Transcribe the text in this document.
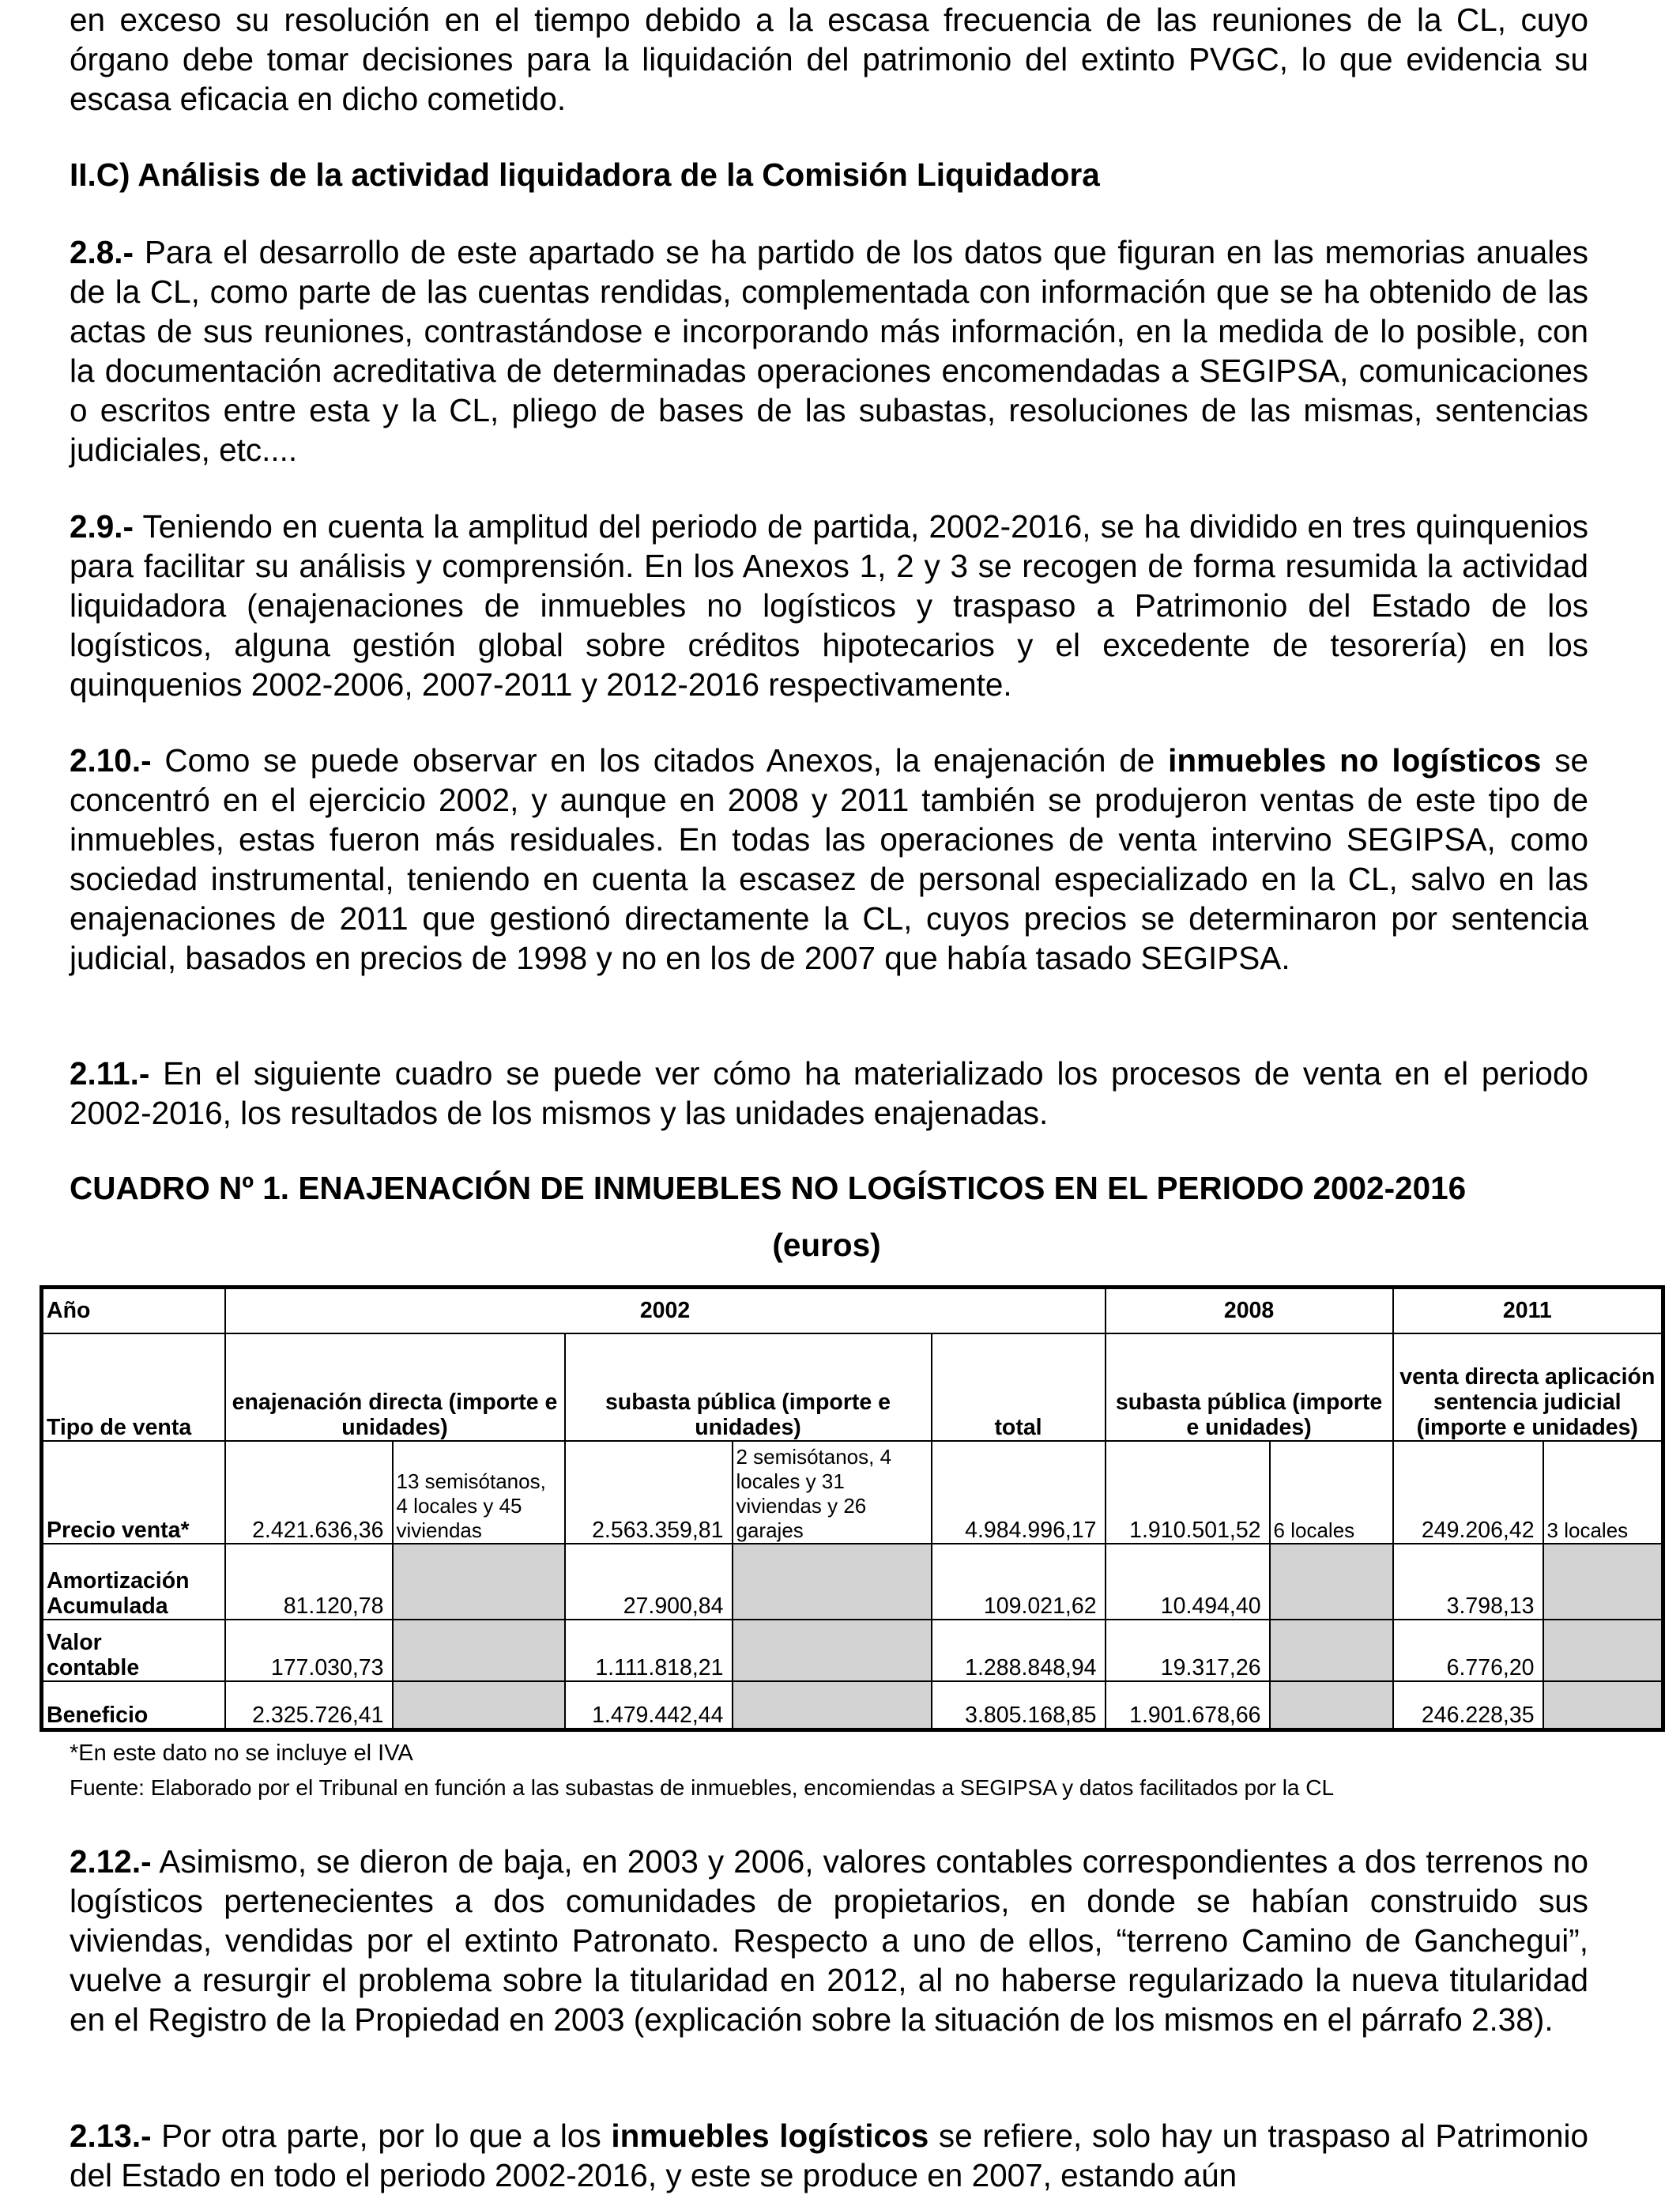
en exceso su resolución en el tiempo debido a la escasa frecuencia de las reuniones de la CL, cuyo órgano debe tomar decisiones para la liquidación del patrimonio del extinto PVGC, lo que evidencia su escasa eficacia en dicho cometido.

II.C) Análisis de la actividad liquidadora de la Comisión Liquidadora

2.8.- Para el desarrollo de este apartado se ha partido de los datos que figuran en las memorias anuales de la CL, como parte de las cuentas rendidas, complementada con información que se ha obtenido de las actas de sus reuniones, contrastándose e incorporando más información, en la medida de lo posible, con la documentación acreditativa de determinadas operaciones encomendadas a SEGIPSA, comunicaciones o escritos entre esta y la CL, pliego de bases de las subastas, resoluciones de las mismas, sentencias judiciales, etc....

2.9.- Teniendo en cuenta la amplitud del periodo de partida, 2002-2016, se ha dividido en tres quinquenios para facilitar su análisis y comprensión. En los Anexos 1, 2 y 3 se recogen de forma resumida la actividad liquidadora (enajenaciones de inmuebles no logísticos y traspaso a Patrimonio del Estado de los logísticos, alguna gestión global sobre créditos hipotecarios y el excedente de tesorería) en los quinquenios 2002-2006, 2007-2011 y 2012-2016 respectivamente.

2.10.- Como se puede observar en los citados Anexos, la enajenación de inmuebles no logísticos se concentró en el ejercicio 2002, y aunque en 2008 y 2011 también se produjeron ventas de este tipo de inmuebles, estas fueron más residuales. En todas las operaciones de venta intervino SEGIPSA, como sociedad instrumental, teniendo en cuenta la escasez de personal especializado en la CL, salvo en las enajenaciones de 2011 que gestionó directamente la CL, cuyos precios se determinaron por sentencia judicial, basados en precios de 1998 y no en los de 2007 que había tasado SEGIPSA.

2.11.- En el siguiente cuadro se puede ver cómo ha materializado los procesos de venta en el periodo 2002-2016, los resultados de los mismos y las unidades enajenadas.

CUADRO Nº 1. ENAJENACIÓN DE INMUEBLES NO LOGÍSTICOS EN EL PERIODO 2002-2016

(euros)
Año	2002					2008		2011	
Tipo de venta	enajenación directa (importe e unidades)		subasta pública (importe e unidades)		total	subasta pública (importe e unidades)		venta directa aplicación sentencia judicial (importe e unidades)	
Precio venta*	2.421.636,36	13 semisótanos, 4 locales y 45 viviendas	2.563.359,81	2 semisótanos, 4 locales y 31 viviendas y 26 garajes	4.984.996,17	1.910.501,52	6 locales	249.206,42	3 locales
Amortización
Acumulada	81.120,78		27.900,84		109.021,62	10.494,40		3.798,13	
Valor
contable	177.030,73		1.111.818,21		1.288.848,94	19.317,26		6.776,20	
Beneficio	2.325.726,41		1.479.442,44		3.805.168,85	1.901.678,66		246.228,35	
*En este dato no se incluye el IVA
Fuente: Elaborado por el Tribunal en función a las subastas de inmuebles, encomiendas a SEGIPSA y datos facilitados por la CL

2.12.- Asimismo, se dieron de baja, en 2003 y 2006, valores contables correspondientes a dos terrenos no logísticos pertenecientes a dos comunidades de propietarios, en donde se habían construido sus viviendas, vendidas por el extinto Patronato. Respecto a uno de ellos, “terreno Camino de Ganchegui”, vuelve a resurgir el problema sobre la titularidad en 2012, al no haberse regularizado la nueva titularidad en el Registro de la Propiedad en 2003 (explicación sobre la situación de los mismos en el párrafo 2.38).

2.13.- Por otra parte, por lo que a los inmuebles logísticos se refiere, solo hay un traspaso al Patrimonio del Estado en todo el periodo 2002-2016, y este se produce en 2007, estando aún
